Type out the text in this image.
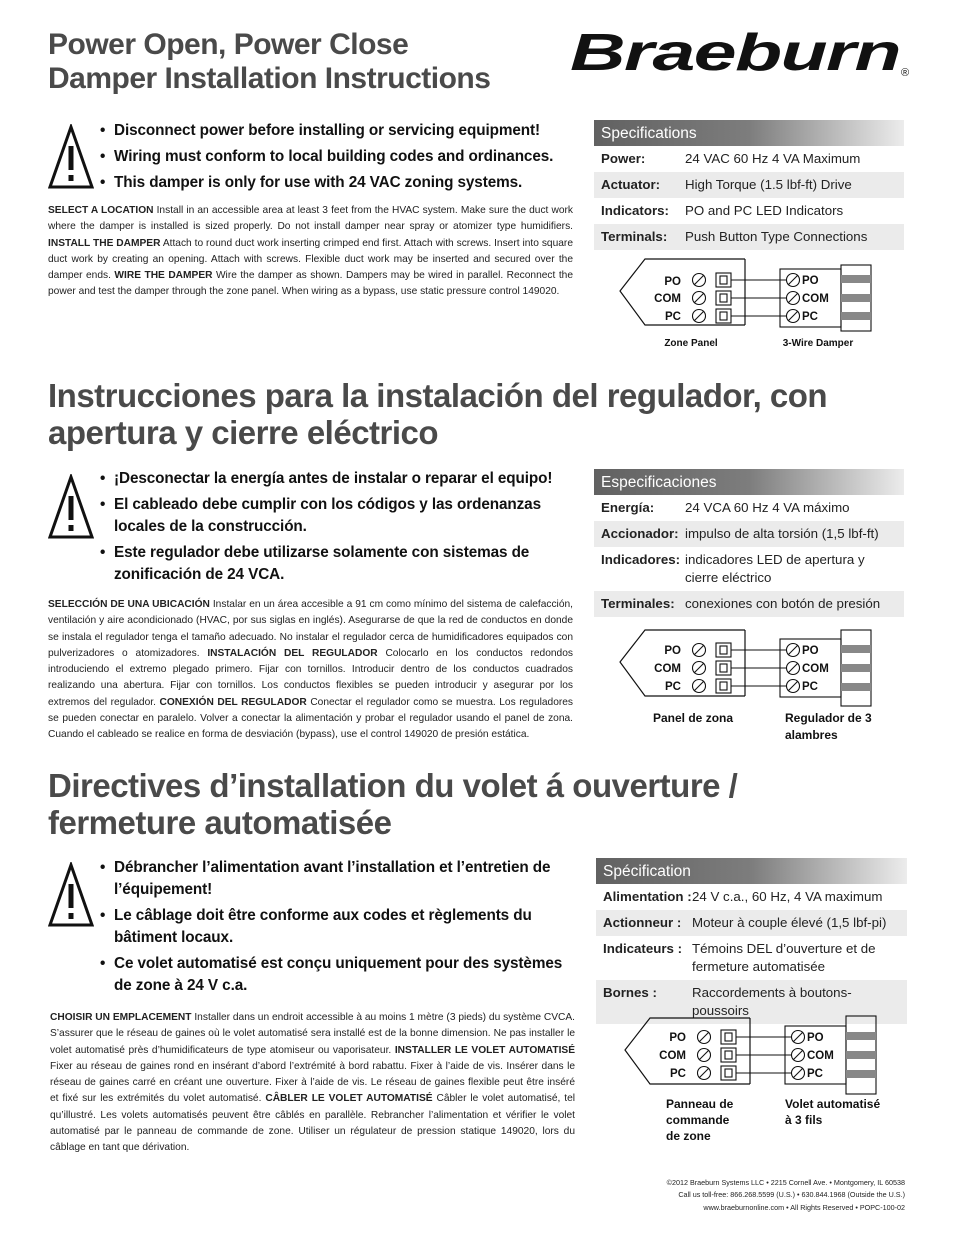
Braeburn ®
Power Open, Power Close
Damper Installation Instructions
• Disconnect power before installing or servicing equipment!
• Wiring must conform to local building codes and ordinances.
• This damper is only for use with 24 VAC zoning systems.
SELECT A LOCATION Install in an accessible area at least 3 feet from the HVAC system. Make sure the duct work where the damper is installed is sized properly. Do not install damper near spray or atomizer type humidifiers. INSTALL THE DAMPER Attach to round duct work inserting crimped end first. Attach with screws. Insert into square duct work by creating an opening. Attach with screws. Flexible duct work may be inserted and secured over the damper ends. WIRE THE DAMPER Wire the damper as shown. Dampers may be wired in parallel. Reconnect the power and test the damper through the zone panel. When wiring as a bypass, use static pressure control 149020.
Specifications
Power:	24 VAC 60 Hz 4 VA Maximum
Actuator:	High Torque (1.5 lbf-ft) Drive
Indicators:	PO and PC LED Indicators
Terminals:	Push Button Type Connections
PO
COM
PC
PO
COM
PC
Zone Panel	3-Wire Damper
Instrucciones para la instalación del regulador, con
apertura y cierre eléctrico
• ¡Desconectar la energía antes de instalar o reparar el equipo!
• El cableado debe cumplir con los códigos y las ordenanzas locales de la construcción.
• Este regulador debe utilizarse solamente con sistemas de zonificación de 24 VCA.
SELECCIÓN DE UNA UBICACIÓN Instalar en un área accesible a 91 cm como mínimo del sistema de calefacción, ventilación y aire acondicionado (HVAC, por sus siglas en inglés). Asegurarse de que la red de conductos en donde se instala el regulador tenga el tamaño adecuado. No instalar el regulador cerca de humidificadores equipados con pulverizadores o atomizadores. INSTALACIÓN DEL REGULADOR Colocarlo en los conductos redondos introduciendo el extremo plegado primero. Fijar con tornillos. Introducir dentro de los conductos cuadrados realizando una abertura. Fijar con tornillos. Los conductos flexibles se pueden introducir y asegurar por los extremos del regulador. CONEXIÓN DEL REGULADOR Conectar el regulador como se muestra. Los reguladores se pueden conectar en paralelo. Volver a conectar la alimentación y probar el regulador usando el panel de zona. Cuando el cableado se realice en forma de desviación (bypass), use el control 149020 de presión estática.
Especificaciones
Energía:	24 VCA 60 Hz 4 VA máximo
Accionador: impulso de alta torsión (1,5 lbf-ft)
Indicadores: indicadores LED de apertura y cierre eléctrico
Terminales: conexiones con botón de presión
PO
COM
PC
PO
COM
PC
Panel de zona	Regulador de 3
alambres
Directives d’installation du volet á ouverture /
fermeture automatisée
• Débrancher l’alimentation avant l’installation et l’entretien de l’équipement!
• Le câblage doit être conforme aux codes et règlements du bâtiment locaux.
• Ce volet automatisé est conçu uniquement pour des systèmes de zone à 24 V c.a.
CHOISIR UN EMPLACEMENT Installer dans un endroit accessible à au moins 1 mètre (3 pieds) du système CVCA. S’assurer que le réseau de gaines où le volet automatisé sera installé est de la bonne dimension. Ne pas installer le volet automatisé près d’humidificateurs de type atomiseur ou vaporisateur. INSTALLER LE VOLET AUTOMATISÉ Fixer au réseau de gaines rond en insérant d’abord l’extrémité à bord rabattu. Fixer à l’aide de vis. Insérer dans le réseau de gaines carré en créant une ouverture. Fixer à l’aide de vis. Le réseau de gaines flexible peut être inséré et fixé sur les extrémités du volet automatisé. CÂBLER LE VOLET AUTOMATISÉ Câbler le volet automatisé, tel qu’illustré. Les volets automatisés peuvent être câblés en parallèle. Rebrancher l’alimentation et vérifier le volet automatisé par le panneau de commande de zone. Utiliser un régulateur de pression statique 149020, lors du câblage en tant que dérivation.
Spécification
Alimentation : 24 V c.a., 60 Hz, 4 VA maximum
Actionneur : Moteur à couple élevé (1,5 lbf-pi)
Indicateurs : Témoins DEL d’ouverture et de fermeture automatisée
Bornes :	Raccordements à boutons-poussoirs
PO
COM
PC
PO
COM
PC
Panneau de
commande
de zone
Volet automatisé
à 3 fils
©2012 Braeburn Systems LLC • 2215 Cornell Ave. • Montgomery, IL 60538
Call us toll-free: 866.268.5599 (U.S.) • 630.844.1968 (Outside the U.S.)
www.braeburnonline.com • All Rights Reserved • POPC-100-02
